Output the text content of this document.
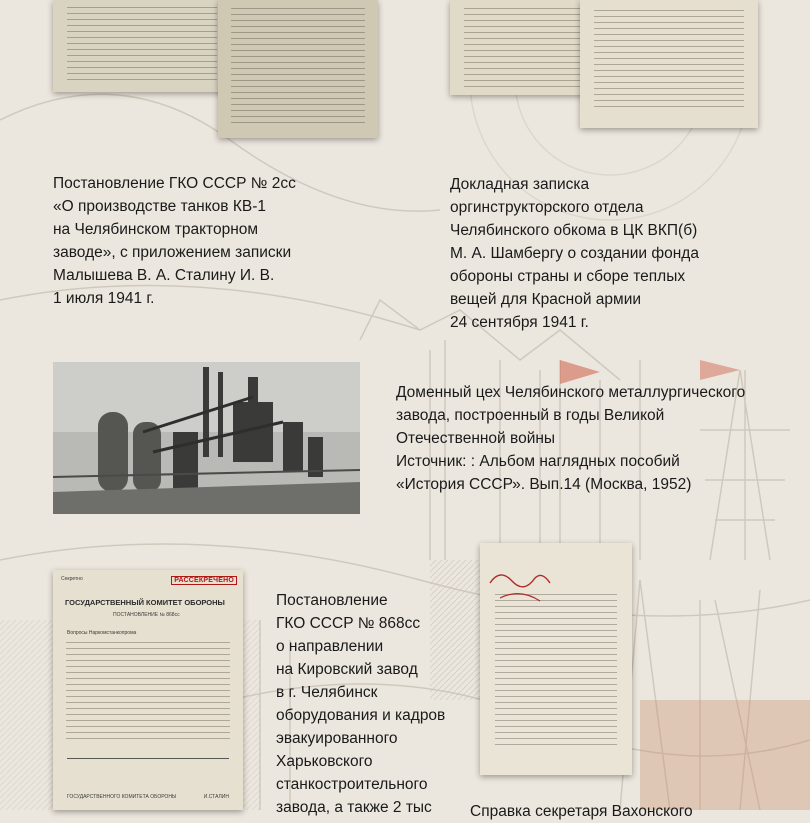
Постановление ГКО СССР № 2сс
«О производстве танков КВ-1
на Челябинском тракторном
заводе», с приложением записки
Малышева В. А. Сталину И. В.
1 июля 1941 г.
Докладная записка
оргинструкторского отдела
Челябинского обкома в ЦК ВКП(б)
М. А. Шамбергу о создании фонда
обороны страны и сборе теплых
вещей для Красной армии
24 сентября 1941 г.
Доменный цех Челябинского металлургического
завода, построенный в годы Великой
Отечественной войны
Источник: : Альбом наглядных пособий
«История СССР». Вып.14 (Москва, 1952)
Секретно	РАССЕКРЕЧЕНО
ГОСУДАРСТВЕННЫЙ КОМИТЕТ ОБОРОНЫ
ПОСТАНОВЛЕНИЕ № 868сс
Вопросы Наркомстанкопрома
ГОСУДАРСТВЕННОГО КОМИТЕТА ОБОРОНЫ	И.СТАЛИН
Постановление
ГКО СССР № 868сс
о направлении
на Кировский завод
в г. Челябинск
оборудования и кадров
эвакуированного
Харьковского
станкостроительного
завода, а также 2 тыс	Справка секретаря Вахонского
